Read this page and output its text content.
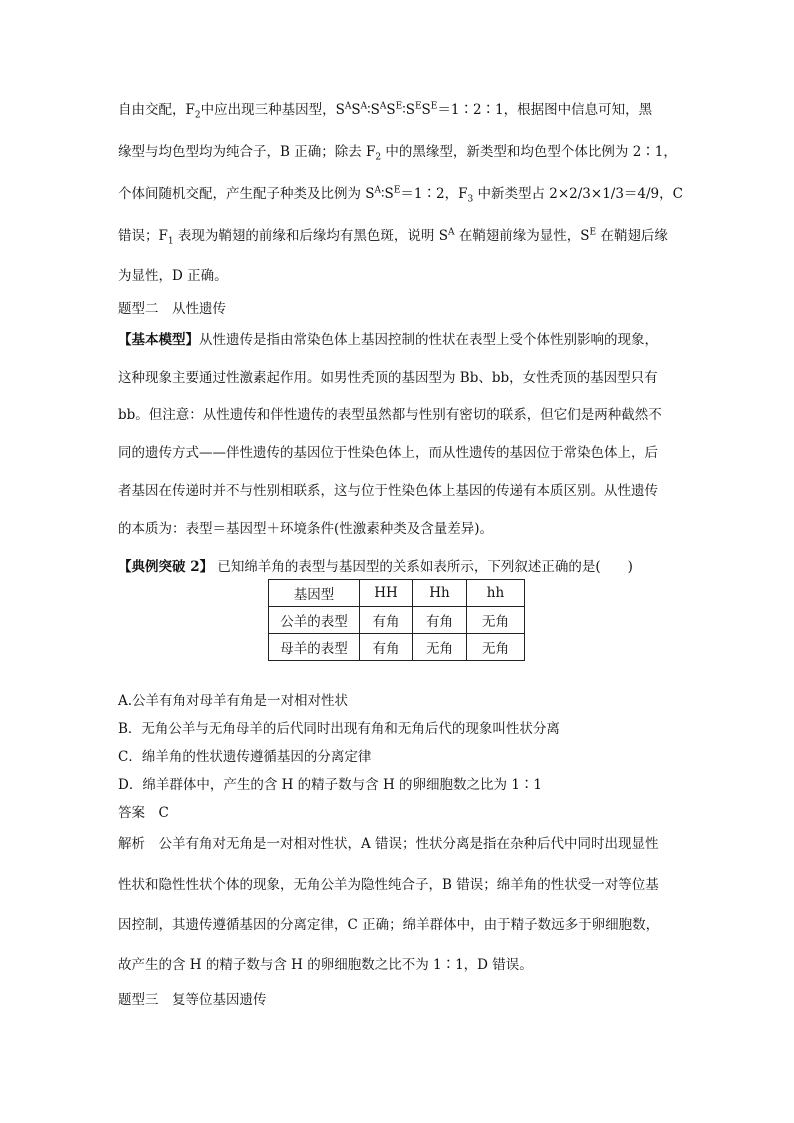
自由交配，$F_2$中应出现三种基因型，$S^AS^A∶S^AS^E∶S^ES^E=1∶2∶1$，根据图中信息可知，黑

缘型与均色型均为纯合子，B 正确；除去 $F_2$ 中的黑缘型，新类型和均色型个体比例为 2∶1，

个体间随机交配，产生配子种类及比例为 $S^A∶S^E=1∶2$，$F_3$ 中新类型占 2×2/3×1/3＝4/9，C

错误；$F_1$ 表现为鞘翅的前缘和后缘均有黑色斑，说明 $S^A$ 在鞘翅前缘为显性，$S^E$ 在鞘翅后缘

为显性，D 正确。

题型二　从性遗传

【基本模型】从性遗传是指由常染色体上基因控制的性状在表型上受个体性别影响的现象，

这种现象主要通过性激素起作用。如男性秃顶的基因型为 Bb、bb，女性秃顶的基因型只有

bb。但注意：从性遗传和伴性遗传的表型虽然都与性别有密切的联系，但它们是两种截然不

同的遗传方式——伴性遗传的基因位于性染色体上，而从性遗传的基因位于常染色体上，后

者基因在传递时并不与性别相联系，这与位于性染色体上基因的传递有本质区别。从性遗传

的本质为：表型＝基因型＋环境条件(性激素种类及含量差异)。

【典例突破 2】 已知绵羊角的表型与基因型的关系如表所示，下列叙述正确的是(　　)

基因型	HH	Hh	hh
公羊的表型	有角	有角	无角
母羊的表型	有角	无角	无角

A.公羊有角对母羊有角是一对相对性状

B．无角公羊与无角母羊的后代同时出现有角和无角后代的现象叫性状分离

C．绵羊角的性状遗传遵循基因的分离定律

D．绵羊群体中，产生的含 H 的精子数与含 H 的卵细胞数之比为 1∶1

答案　C

解析　公羊有角对无角是一对相对性状，A 错误；性状分离是指在杂种后代中同时出现显性

性状和隐性性状个体的现象，无角公羊为隐性纯合子，B 错误；绵羊角的性状受一对等位基

因控制，其遗传遵循基因的分离定律，C 正确；绵羊群体中，由于精子数远多于卵细胞数，

故产生的含 H 的精子数与含 H 的卵细胞数之比不为 1∶1，D 错误。

题型三　复等位基因遗传
